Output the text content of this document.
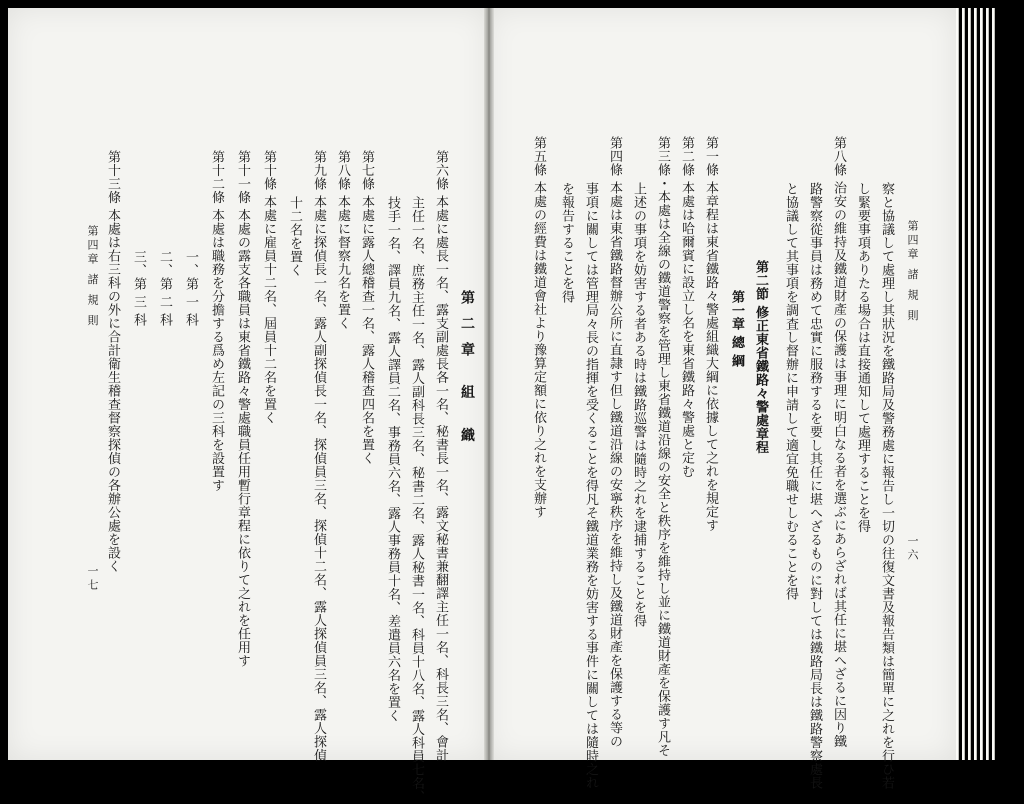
第四章 諸 規 則
一六
察と協議して處理し其狀況を鐵路局及警務處に報告し一切の往復文書及報告類は簡單に之れを行ひ若
し緊要事項ありたる場合は直接通知して處理することを得
第八條 治安の維持及鐵道財產の保護は事理に明白なる者を選ぶにあらざれば其任に堪へざるに因り鐵
路警察從事員は務めて忠實に服務するを要し其任に堪へざるものに對しては鐵路局長は鐵路警察處長
と協議して其事項を調査し督辦に申請して適宜免職せしむることを得
第二節 修正東省鐵路々警處章程
第一章 總 綱
第一條 本章程は東省鐵路々警處組織大綱に依據して之れを規定す
第二條 本處は哈爾賓に設立し名を東省鐵路々警處と定む
第三條・本處は全線の鐵道警察を管理し東省鐵道沿線の安全と秩序を維持し並に鐵道財產を保護す凡そ
上述の事項を妨害する者ある時は鐵路巡警は隨時之れを逮捕することを得
第四條 本處は東省鐵路督辦公所に直隷す但し鐵道沿線の安寧秩序を維持し及鐵道財產を保護する等の
事項に關しては管理局々長の指揮を受くることを得凡そ鐵道業務を妨害する事件に關しては隨時之れ
を報告することを得
第五條 本處の經費は鐵道會社より豫算定額に依り之れを支辦す
第二章 組 織
第六條 本處に處長一名、露支副處長各一名、秘書長一名、露文秘書兼翻譯主任一名、科長三名、會計
主任一名、庶務主任一名、露人副科長三名、秘書二名、露人秘書一名、科員十八名、露人科員七名、
技手一名、譯員九名、露人譯員二名、事務員六名、露人事務員十名、差遣員六名を置く
第七條 本處に露人總稽查一名、露人稽查四名を置く
第八條 本處に督察九名を置く
第九條 本處に探偵長一名、露人副探偵長一名、探偵員三名、探偵十二名、露人探偵員三名、露人探偵
十二名を置く
第十條 本處に雇員十二名、屆員十二名を置く
第十一條 本處の露支各職員は東省鐵路々警處職員任用暫行章程に依りて之れを任用す
第十二條 本處は職務を分擔する爲め左記の三科を設置す
一、第 一 科
二、第 二 科
三、第 三 科
第十三條 本處は右三科の外に合計衛生稽查督察探偵の各辦公處を設く
第四章 諸 規 則
一七
